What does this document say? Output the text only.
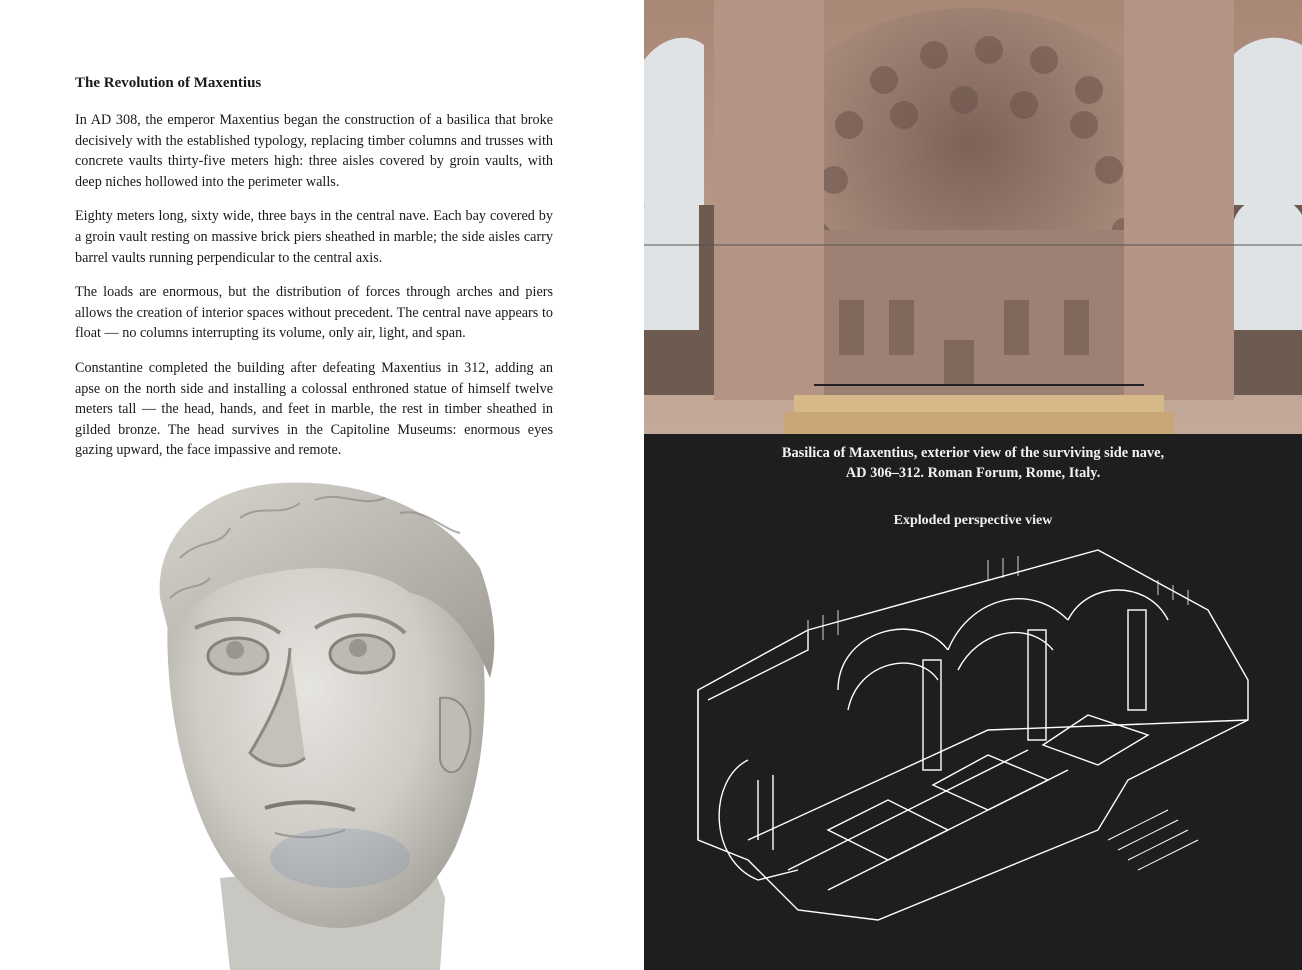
The Revolution of Maxentius

In AD 308, the emperor Maxentius began the construction of a basilica that broke decisively with the established typology, replacing timber columns and trusses with concrete vaults thirty-five meters high: three aisles covered by groin vaults, with deep niches hollowed into the perimeter walls.

Eighty meters long, sixty wide, three bays in the central nave. Each bay covered by a groin vault resting on massive brick piers sheathed in marble; the side aisles carry barrel vaults running perpendicular to the central axis.

The loads are enormous, but the distribution of forces through arches and piers allows the creation of interior spaces without precedent. The central nave appears to float — no columns interrupting its volume, only air, light, and span.

Constantine completed the building after defeating Maxentius in 312, adding an apse on the north side and installing a colossal enthroned statue of himself twelve meters tall — the head, hands, and feet in marble, the rest in timber sheathed in gilded bronze. The head survives in the Capitoline Museums: enormous eyes gazing upward, the face impassive and remote.	Basilica of Maxentius, exterior view of the surviving side nave,
AD 306–312. Roman Forum, Rome, Italy.
Exploded perspective view
